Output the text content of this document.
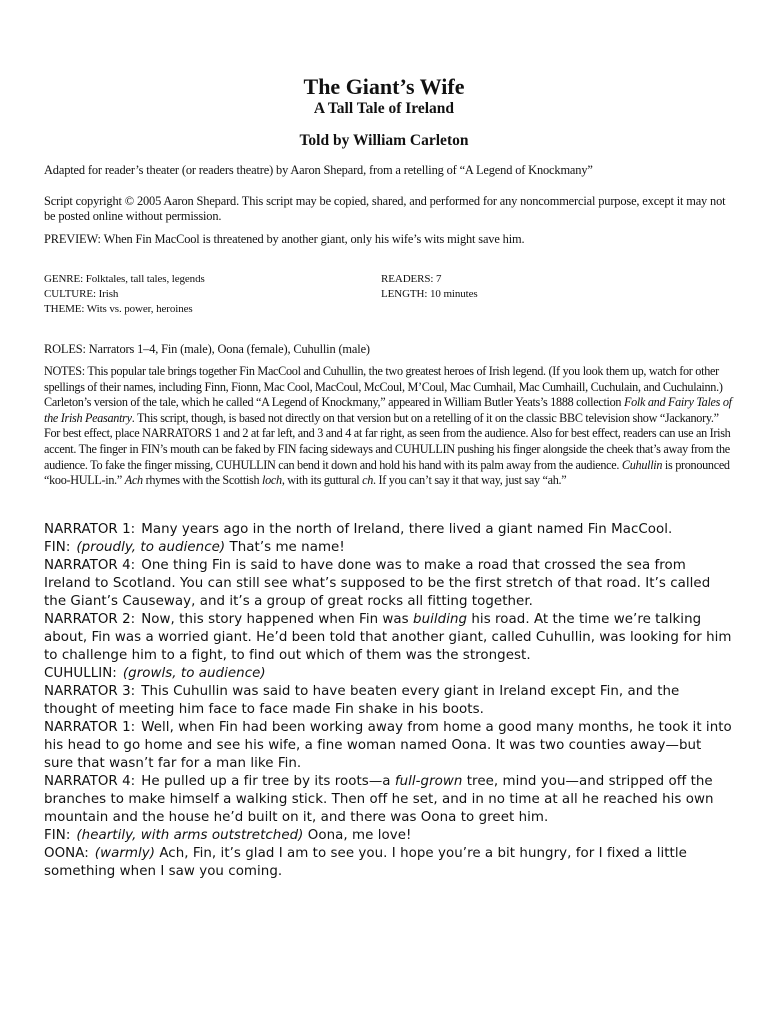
The Giant’s Wife
A Tall Tale of Ireland
Told by William Carleton

Adapted for reader’s theater (or readers theatre) by Aaron Shepard, from a retelling of “A Legend of Knockmany”

Script copyright © 2005 Aaron Shepard. This script may be copied, shared, and performed for any noncommercial purpose, except it may not be posted online without permission.

PREVIEW: When Fin MacCool is threatened by another giant, only his wife’s wits might save him.

GENRE: Folktales, tall tales, legends
CULTURE: Irish
THEME: Wits vs. power, heroines
READERS: 7
LENGTH: 10 minutes

ROLES: Narrators 1–4, Fin (male), Oona (female), Cuhullin (male)

NOTES: This popular tale brings together Fin MacCool and Cuhullin, the two greatest heroes of Irish legend. (If you look them up, watch for other spellings of their names, including Finn, Fionn, Mac Cool, MacCoul, McCoul, M’Coul, Mac Cumhail, Mac Cumhaill, Cuchulain, and Cuchulainn.) Carleton’s version of the tale, which he called “A Legend of Knockmany,” appeared in William Butler Yeats’s 1888 collection Folk and Fairy Tales of the Irish Peasantry. This script, though, is based not directly on that version but on a retelling of it on the classic BBC television show “Jackanory.” For best effect, place NARRATORS 1 and 2 at far left, and 3 and 4 at far right, as seen from the audience. Also for best effect, readers can use an Irish accent. The finger in FIN’s mouth can be faked by FIN facing sideways and CUHULLIN pushing his finger alongside the cheek that’s away from the audience. To fake the finger missing, CUHULLIN can bend it down and hold his hand with its palm away from the audience. Cuhullin is pronounced “koo-HULL-in.” Ach rhymes with the Scottish loch, with its guttural ch. If you can’t say it that way, just say “ah.”

NARRATOR 1: Many years ago in the north of Ireland, there lived a giant named Fin MacCool.

FIN: (proudly, to audience) That’s me name!

NARRATOR 4: One thing Fin is said to have done was to make a road that crossed the sea from Ireland to Scotland. You can still see what’s supposed to be the first stretch of that road. It’s called the Giant’s Causeway, and it’s a group of great rocks all fitting together.

NARRATOR 2: Now, this story happened when Fin was building his road. At the time we’re talking about, Fin was a worried giant. He’d been told that another giant, called Cuhullin, was looking for him to challenge him to a fight, to find out which of them was the strongest.

CUHULLIN: (growls, to audience)

NARRATOR 3: This Cuhullin was said to have beaten every giant in Ireland except Fin, and the thought of meeting him face to face made Fin shake in his boots.

NARRATOR 1: Well, when Fin had been working away from home a good many months, he took it into his head to go home and see his wife, a fine woman named Oona. It was two counties away—but sure that wasn’t far for a man like Fin.

NARRATOR 4: He pulled up a fir tree by its roots—a full-grown tree, mind you—and stripped off the branches to make himself a walking stick. Then off he set, and in no time at all he reached his own mountain and the house he’d built on it, and there was Oona to greet him.

FIN: (heartily, with arms outstretched) Oona, me love!

OONA: (warmly) Ach, Fin, it’s glad I am to see you. I hope you’re a bit hungry, for I fixed a little something when I saw you coming.
